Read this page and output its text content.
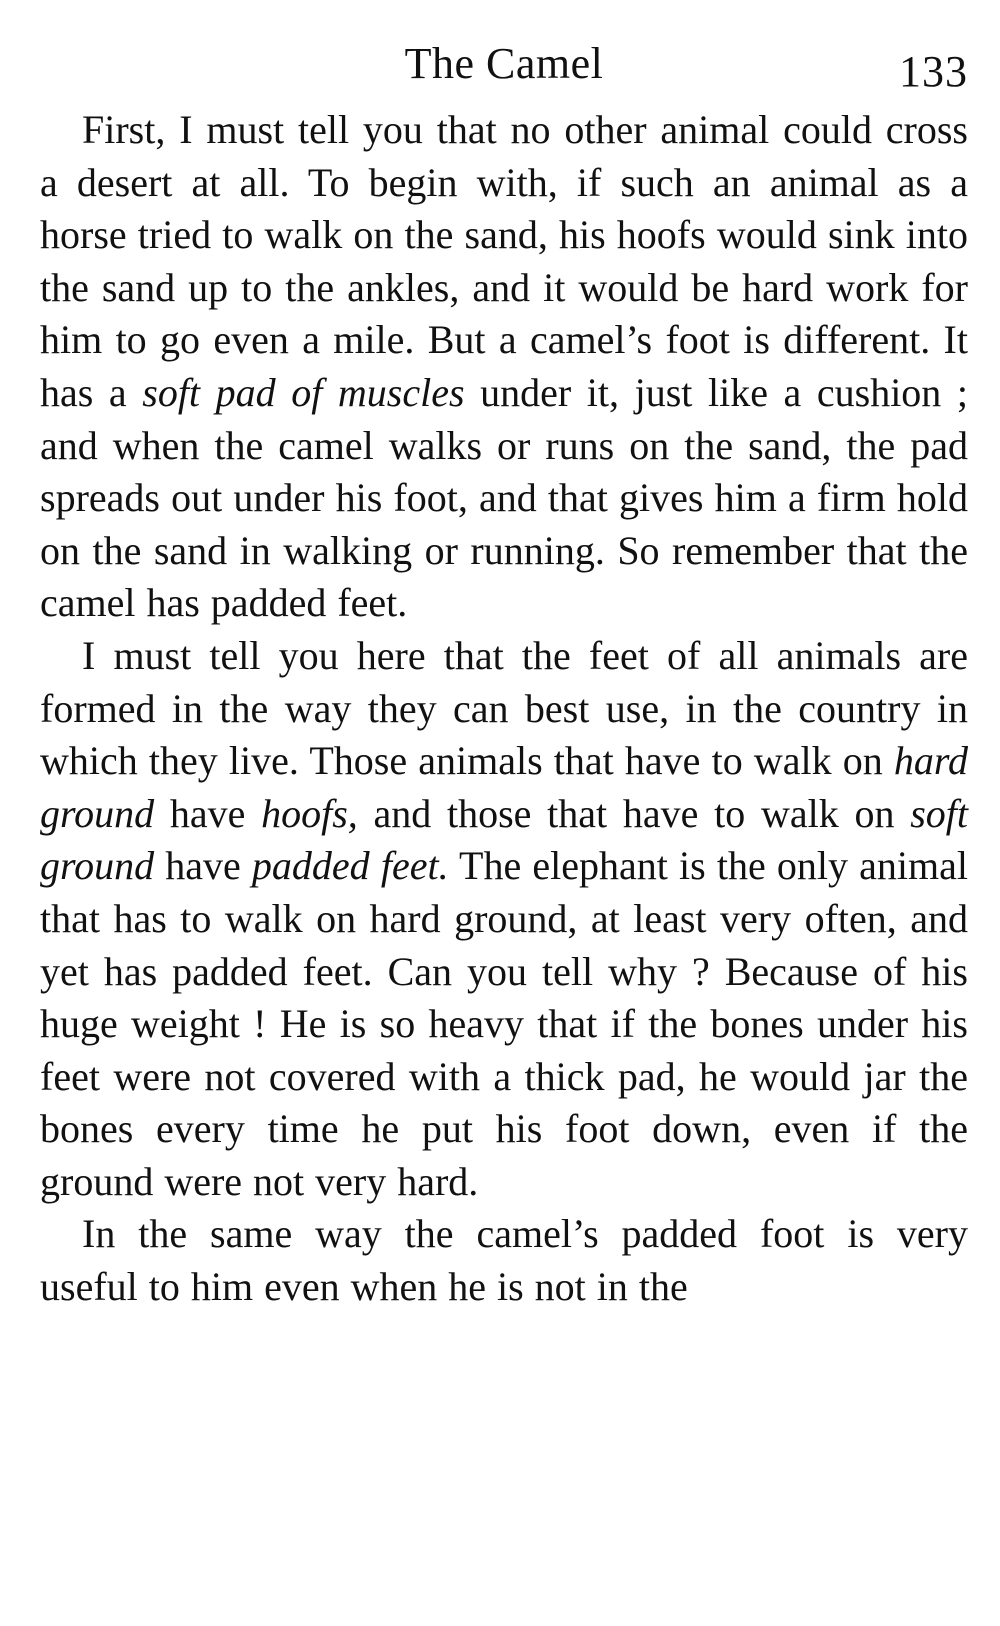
The Camel	133

First, I must tell you that no other animal could cross a desert at all. To begin with, if such an animal as a horse tried to walk on the sand, his hoofs would sink into the sand up to the ankles, and it would be hard work for him to go even a mile. But a camel’s foot is different. It has a soft pad of muscles under it, just like a cushion ; and when the camel walks or runs on the sand, the pad spreads out under his foot, and that gives him a firm hold on the sand in walking or running. So remember that the camel has padded feet.

I must tell you here that the feet of all animals are formed in the way they can best use, in the country in which they live. Those animals that have to walk on hard ground have hoofs, and those that have to walk on soft ground have padded feet. The elephant is the only animal that has to walk on hard ground, at least very often, and yet has padded feet. Can you tell why ? Because of his huge weight ! He is so heavy that if the bones under his feet were not covered with a thick pad, he would jar the bones every time he put his foot down, even if the ground were not very hard.

In the same way the camel’s padded foot is very useful to him even when he is not in the
